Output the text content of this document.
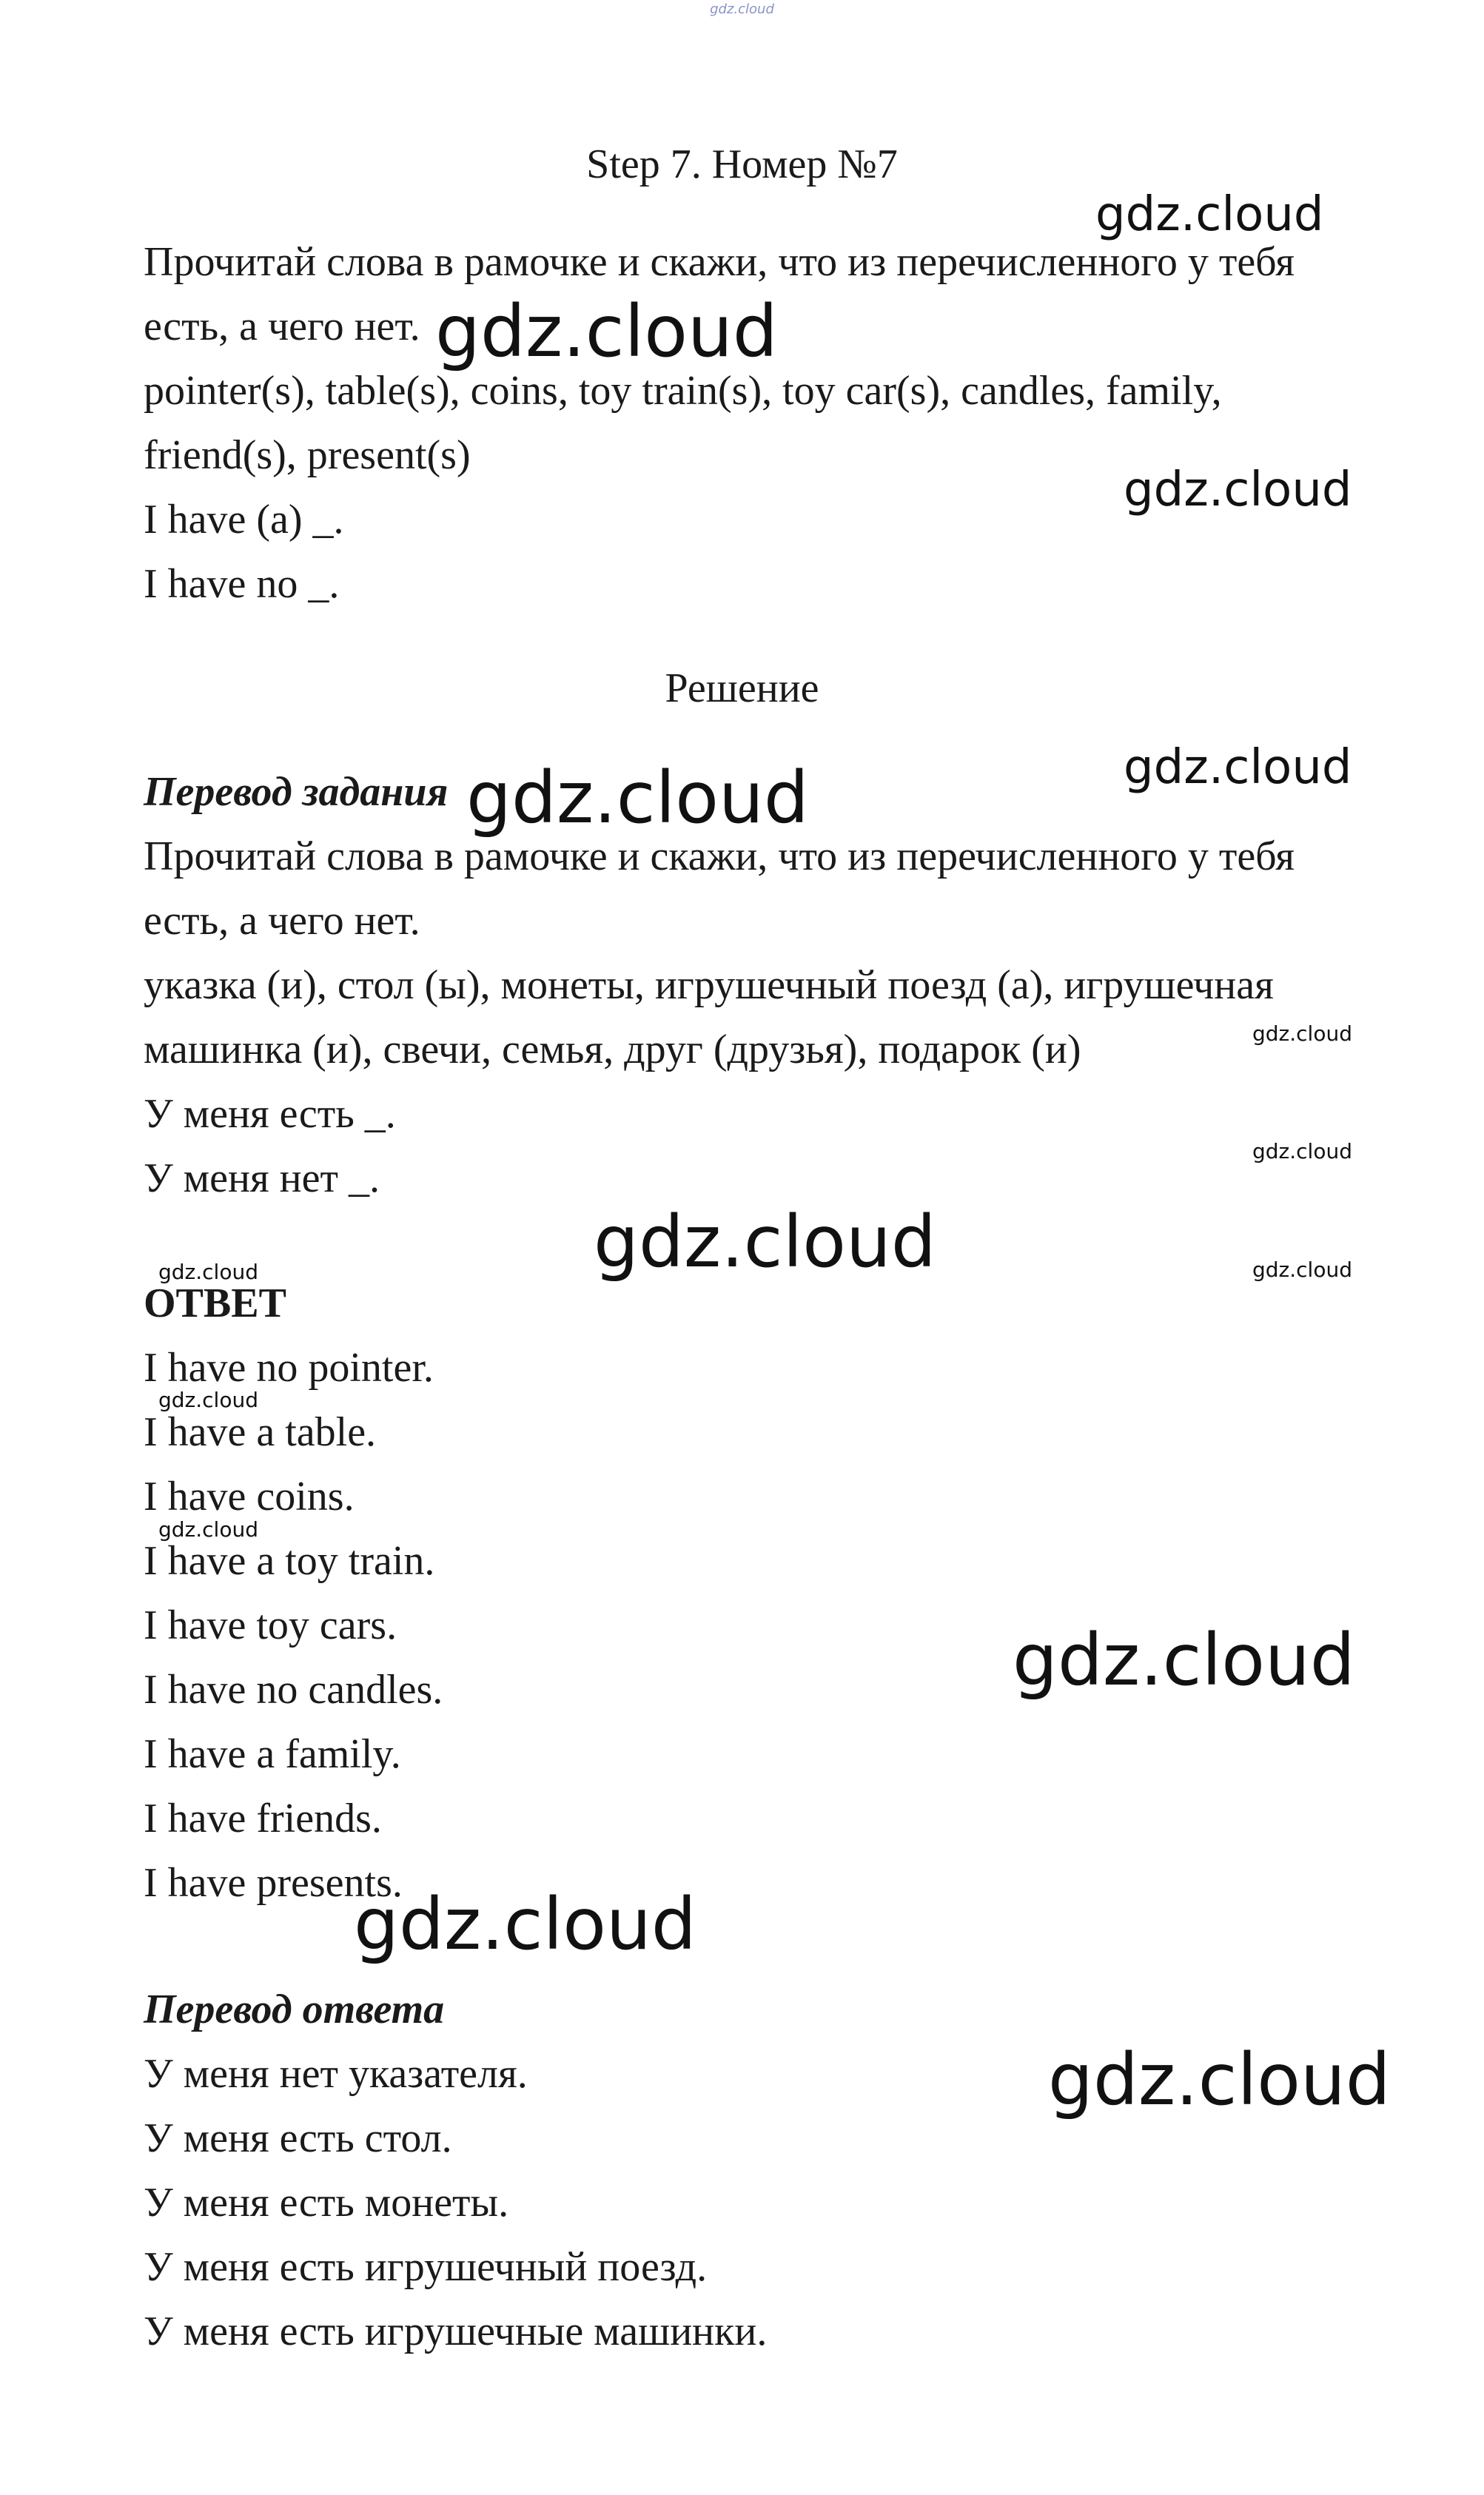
gdz.cloud
Step 7. Номер №7
Прочитай слова в рамочке и скажи, что из перечисленного у тебя
есть, а чего нет.
pointer(s), table(s), coins, toy train(s), toy car(s), candles, family,
friend(s), present(s)
I have (a) _.
I have no _.
Решение
Перевод задания
Прочитай слова в рамочке и скажи, что из перечисленного у тебя
есть, а чего нет.
указка (и), стол (ы), монеты, игрушечный поезд (а), игрушечная
машинка (и), свечи, семья, друг (друзья), подарок (и)
У меня есть _.
У меня нет _.
ОТВЕТ
I have no pointer.
I have a table.
I have coins.
I have a toy train.
I have toy cars.
I have no candles.
I have a family.
I have friends.
I have presents.
Перевод ответа
У меня нет указателя.
У меня есть стол.
У меня есть монеты.
У меня есть игрушечный поезд.
У меня есть игрушечные машинки.
gdz.cloud
gdz.cloud
gdz.cloud
gdz.cloud
gdz.cloud
gdz.cloud
gdz.cloud
gdz.cloud
gdz.cloud	gdz.cloud
gdz.cloud
gdz.cloud
gdz.cloud
gdz.cloud
gdz.cloud
